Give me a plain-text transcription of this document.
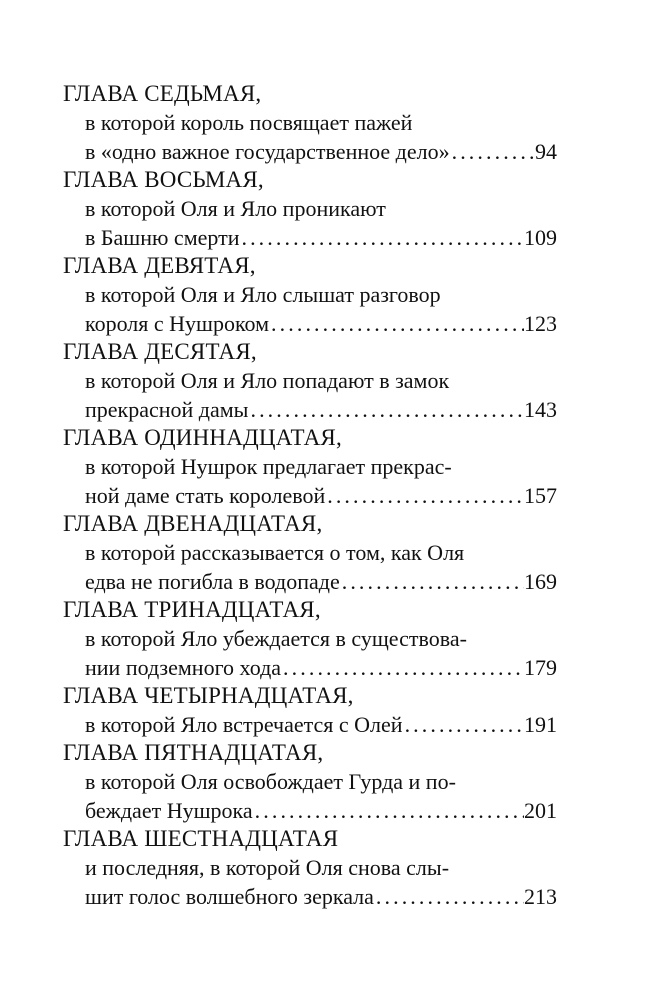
ГЛАВА СЕДЬМАЯ,
в которой король посвящает пажей
в «одно важное государственное дело» . . .	94
ГЛАВА ВОСЬМАЯ,
в которой Оля и Яло проникают
в Башню смерти . . .	109
ГЛАВА ДЕВЯТАЯ,
в которой Оля и Яло слышат разговор
короля с Нушроком . . .	123
ГЛАВА ДЕСЯТАЯ,
в которой Оля и Яло попадают в замок
прекрасной дамы . . .	143
ГЛАВА ОДИННАДЦАТАЯ,
в которой Нушрок предлагает прекрас-
ной даме стать королевой . . .	157
ГЛАВА ДВЕНАДЦАТАЯ,
в которой рассказывается о том, как Оля
едва не погибла в водопаде . . .	169
ГЛАВА ТРИНАДЦАТАЯ,
в которой Яло убеждается в существова-
нии подземного хода . . .	179
ГЛАВА ЧЕТЫРНАДЦАТАЯ,
в которой Яло встречается с Олей . . .	191
ГЛАВА ПЯТНАДЦАТАЯ,
в которой Оля освобождает Гурда и по-
беждает Нушрока . . .	201
ГЛАВА ШЕСТНАДЦАТАЯ
и последняя, в которой Оля снова слы-
шит голос волшебного зеркала . . .	213
